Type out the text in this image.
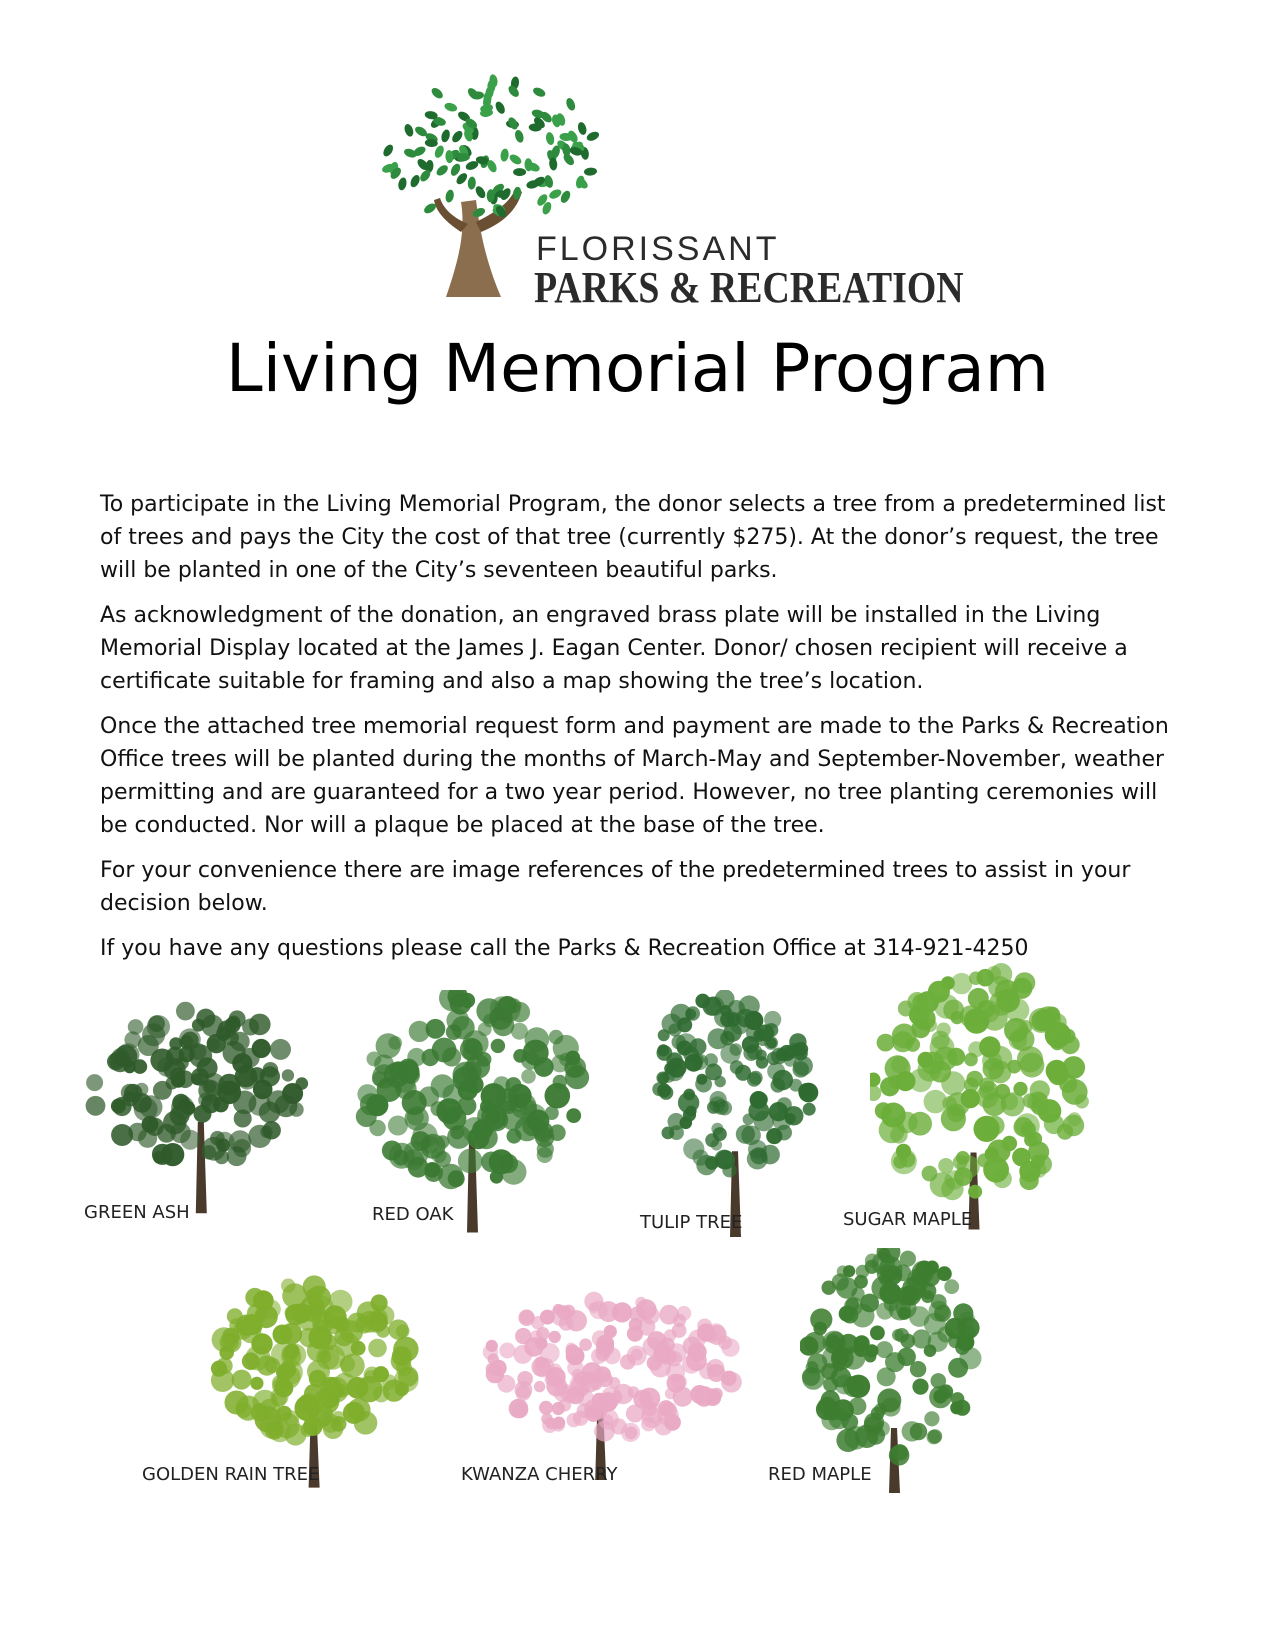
FLORISSANT
PARKS & RECREATION
Living Memorial Program

To participate in the Living Memorial Program, the donor selects a tree from a predetermined list of trees and pays the City the cost of that tree (currently $275). At the donor’s request, the tree will be planted in one of the City’s seventeen beautiful parks.

As acknowledgment of the donation, an engraved brass plate will be installed in the Living Memorial Display located at the James J. Eagan Center. Donor/ chosen recipient will receive a certificate suitable for framing and also a map showing the tree’s location.

Once the attached tree memorial request form and payment are made to the Parks & Recreation Office trees will be planted during the months of March-May and September-November, weather permitting and are guaranteed for a two year period. However, no tree planting ceremonies will be conducted. Nor will a plaque be placed at the base of the tree.

For your convenience there are image references of the predetermined trees to assist in your decision below.

If you have any questions please call the Parks & Recreation Office at 314-921-4250

GREEN ASH	RED OAK	TULIP TREE	SUGAR MAPLE
GOLDEN RAIN TREE	KWANZA CHERRY	RED MAPLE
